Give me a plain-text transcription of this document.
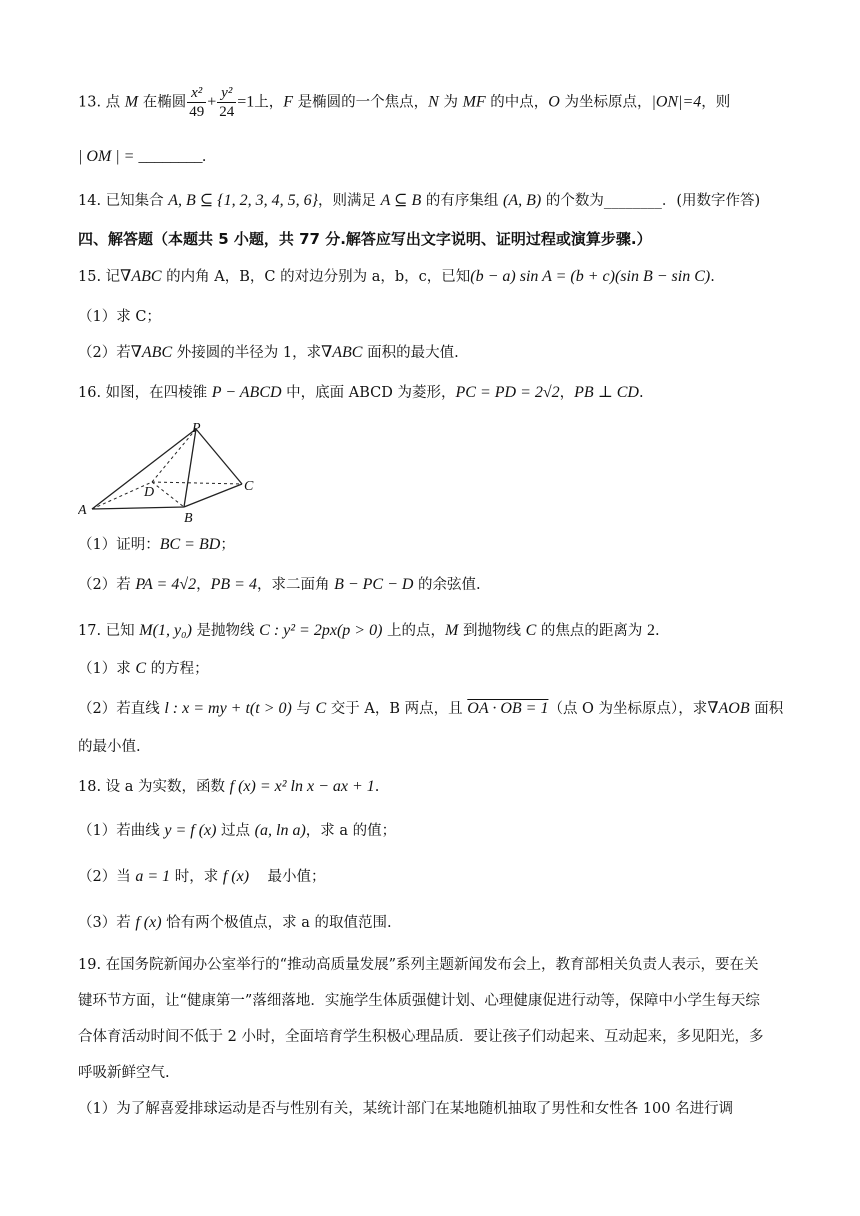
13. 点 M 在椭圆 $\frac{\text{x²}}{49} + \frac{\text{y²}}{24} =1$上，F 是椭圆的一个焦点，N 为 MF 的中点，O 为坐标原点，|ON|=4，则
| OM | = ________.
14. 已知集合 A, B ⊆ {1, 2, 3, 4, 5, 6}，则满足 A ⊆ B 的有序集组 (A, B) 的个数为________．(用数字作答)
四、解答题（本题共 5 小题，共 77 分.解答应写出文字说明、证明过程或演算步骤.）
15. 记∇ABC 的内角 A，B，C 的对边分别为 a，b，c，已知(b − a) sin A = (b + c)(sin B − sin C).
（1）求 C；
（2）若∇ABC 外接圆的半径为 1，求∇ABC 面积的最大值.
16. 如图，在四棱锥 P − ABCD 中，底面 ABCD 为菱形，PC = PD = 2√2，PB ⊥ CD.
P
A
B
C
D
（1）证明：BC = BD；
（2）若 PA = 4√2，PB = 4，求二面角 B − PC − D 的余弦值.
17. 已知 M(1, y₀) 是抛物线 C : y² = 2px(p > 0) 上的点，M 到抛物线 C 的焦点的距离为 2.
（1）求 C 的方程；
（2）若直线 l : x = my + t(t > 0) 与 C 交于 A，B 两点，且 OA · OB = 1（点 O 为坐标原点），求∇AOB 面积
的最小值.
18. 设 a 为实数，函数 f (x) = x² ln x − ax + 1.
（1）若曲线 y = f (x) 过点 (a, ln a)，求 a 的值；
（2）当 a = 1 时，求 f (x)    最小值；
（3）若 f (x) 恰有两个极值点，求 a 的取值范围.
19. 在国务院新闻办公室举行的“推动高质量发展”系列主题新闻发布会上，教育部相关负责人表示，要在关
键环节方面，让“健康第一”落细落地．实施学生体质强健计划、心理健康促进行动等，保障中小学生每天综
合体育活动时间不低于 2 小时，全面培育学生积极心理品质．要让孩子们动起来、互动起来，多见阳光，多
呼吸新鲜空气.
（1）为了解喜爱排球运动是否与性别有关，某统计部门在某地随机抽取了男性和女性各 100 名进行调
